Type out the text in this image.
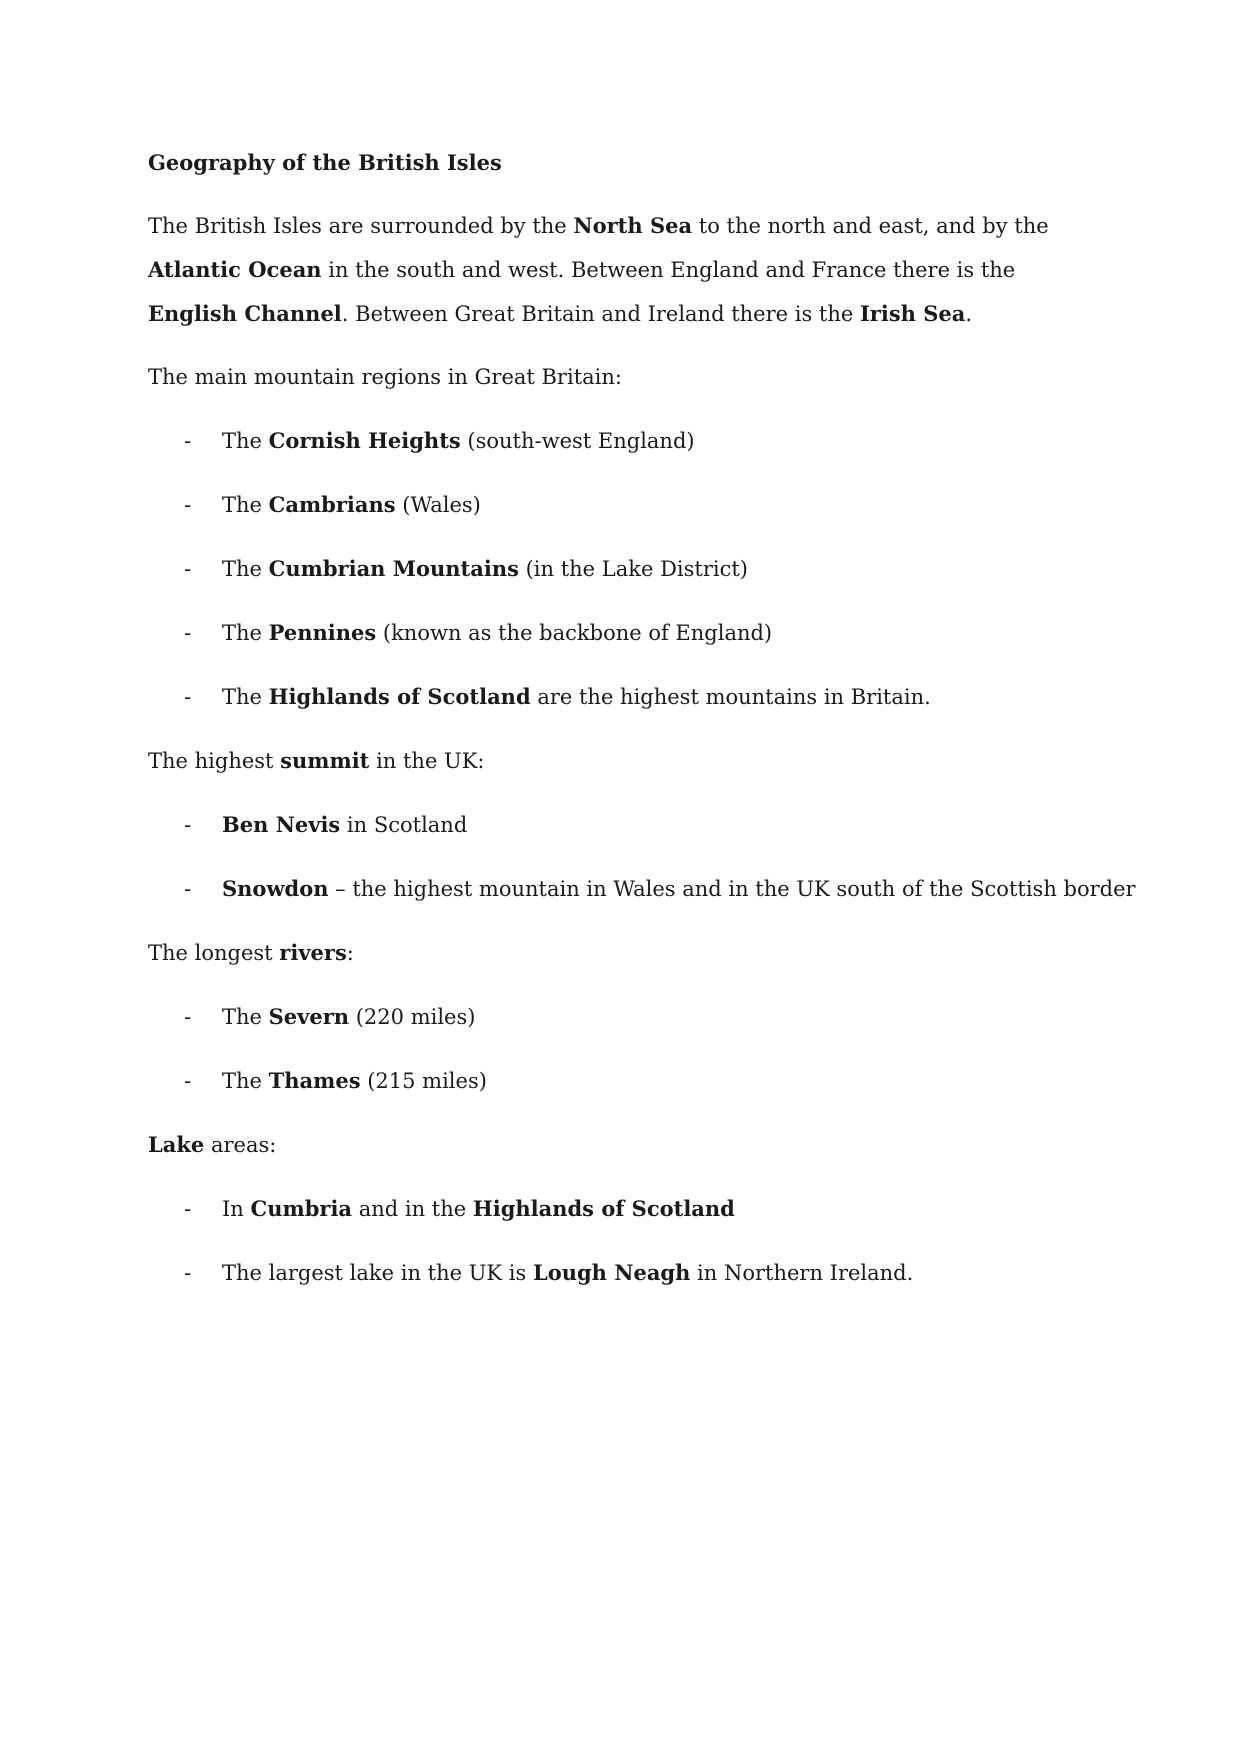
Geography of the British Isles

The British Isles are surrounded by the North Sea to the north and east, and by the Atlantic Ocean in the south and west. Between England and France there is the English Channel. Between Great Britain and Ireland there is the Irish Sea.

The main mountain regions in Great Britain:

- The Cornish Heights (south-west England)
- The Cambrians (Wales)
- The Cumbrian Mountains (in the Lake District)
- The Pennines (known as the backbone of England)
- The Highlands of Scotland are the highest mountains in Britain.

The highest summit in the UK:

- Ben Nevis in Scotland
- Snowdon – the highest mountain in Wales and in the UK south of the Scottish border

The longest rivers:

- The Severn (220 miles)
- The Thames (215 miles)

Lake areas:

- In Cumbria and in the Highlands of Scotland
- The largest lake in the UK is Lough Neagh in Northern Ireland.
